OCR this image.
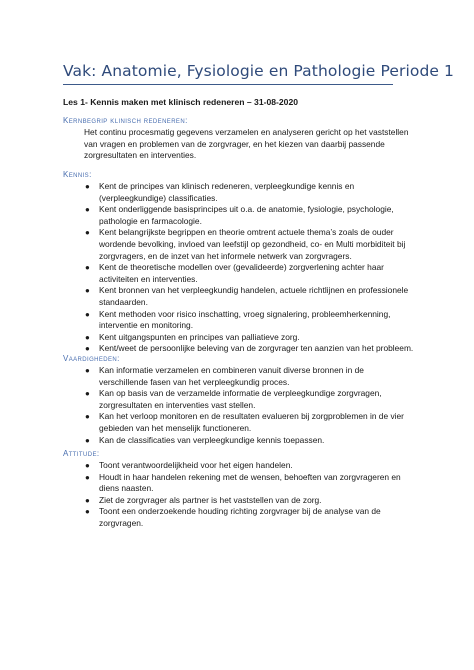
Vak: Anatomie, Fysiologie en Pathologie Periode 1
Les 1- Kennis maken met klinisch redeneren – 31-08-2020
Kernbegrip klinisch redeneren:
Het continu procesmatig gegevens verzamelen en analyseren gericht op het vaststellen van vragen en problemen van de zorgvrager, en het kiezen van daarbij passende zorgresultaten en interventies.
Kennis:
● Kent de principes van klinisch redeneren, verpleegkundige kennis en (verpleegkundige) classificaties.
● Kent onderliggende basisprincipes uit o.a. de anatomie, fysiologie, psychologie, pathologie en farmacologie.
● Kent belangrijkste begrippen en theorie omtrent actuele thema’s zoals de ouder wordende bevolking, invloed van leefstijl op gezondheid, co- en Multi morbiditeit bij zorgvragers, en de inzet van het informele netwerk van zorgvragers.
● Kent de theoretische modellen over (gevalideerde) zorgverlening achter haar activiteiten en interventies.
● Kent bronnen van het verpleegkundig handelen, actuele richtlijnen en professionele standaarden.
● Kent methoden voor risico inschatting, vroeg signalering, probleemherkenning, interventie en monitoring.
● Kent uitgangspunten en principes van palliatieve zorg.
● Kent/weet de persoonlijke beleving van de zorgvrager ten aanzien van het probleem.
Vaardigheden:
● Kan informatie verzamelen en combineren vanuit diverse bronnen in de verschillende fasen van het verpleegkundig proces.
● Kan op basis van de verzamelde informatie de verpleegkundige zorgvragen, zorgresultaten en interventies vast stellen.
● Kan het verloop monitoren en de resultaten evalueren bij zorgproblemen in de vier gebieden van het menselijk functioneren.
● Kan de classificaties van verpleegkundige kennis toepassen.
Attitude:
● Toont verantwoordelijkheid voor het eigen handelen.
● Houdt in haar handelen rekening met de wensen, behoeften van zorgvrageren en diens naasten.
● Ziet de zorgvrager als partner is het vaststellen van de zorg.
● Toont een onderzoekende houding richting zorgvrager bij de analyse van de zorgvragen.
